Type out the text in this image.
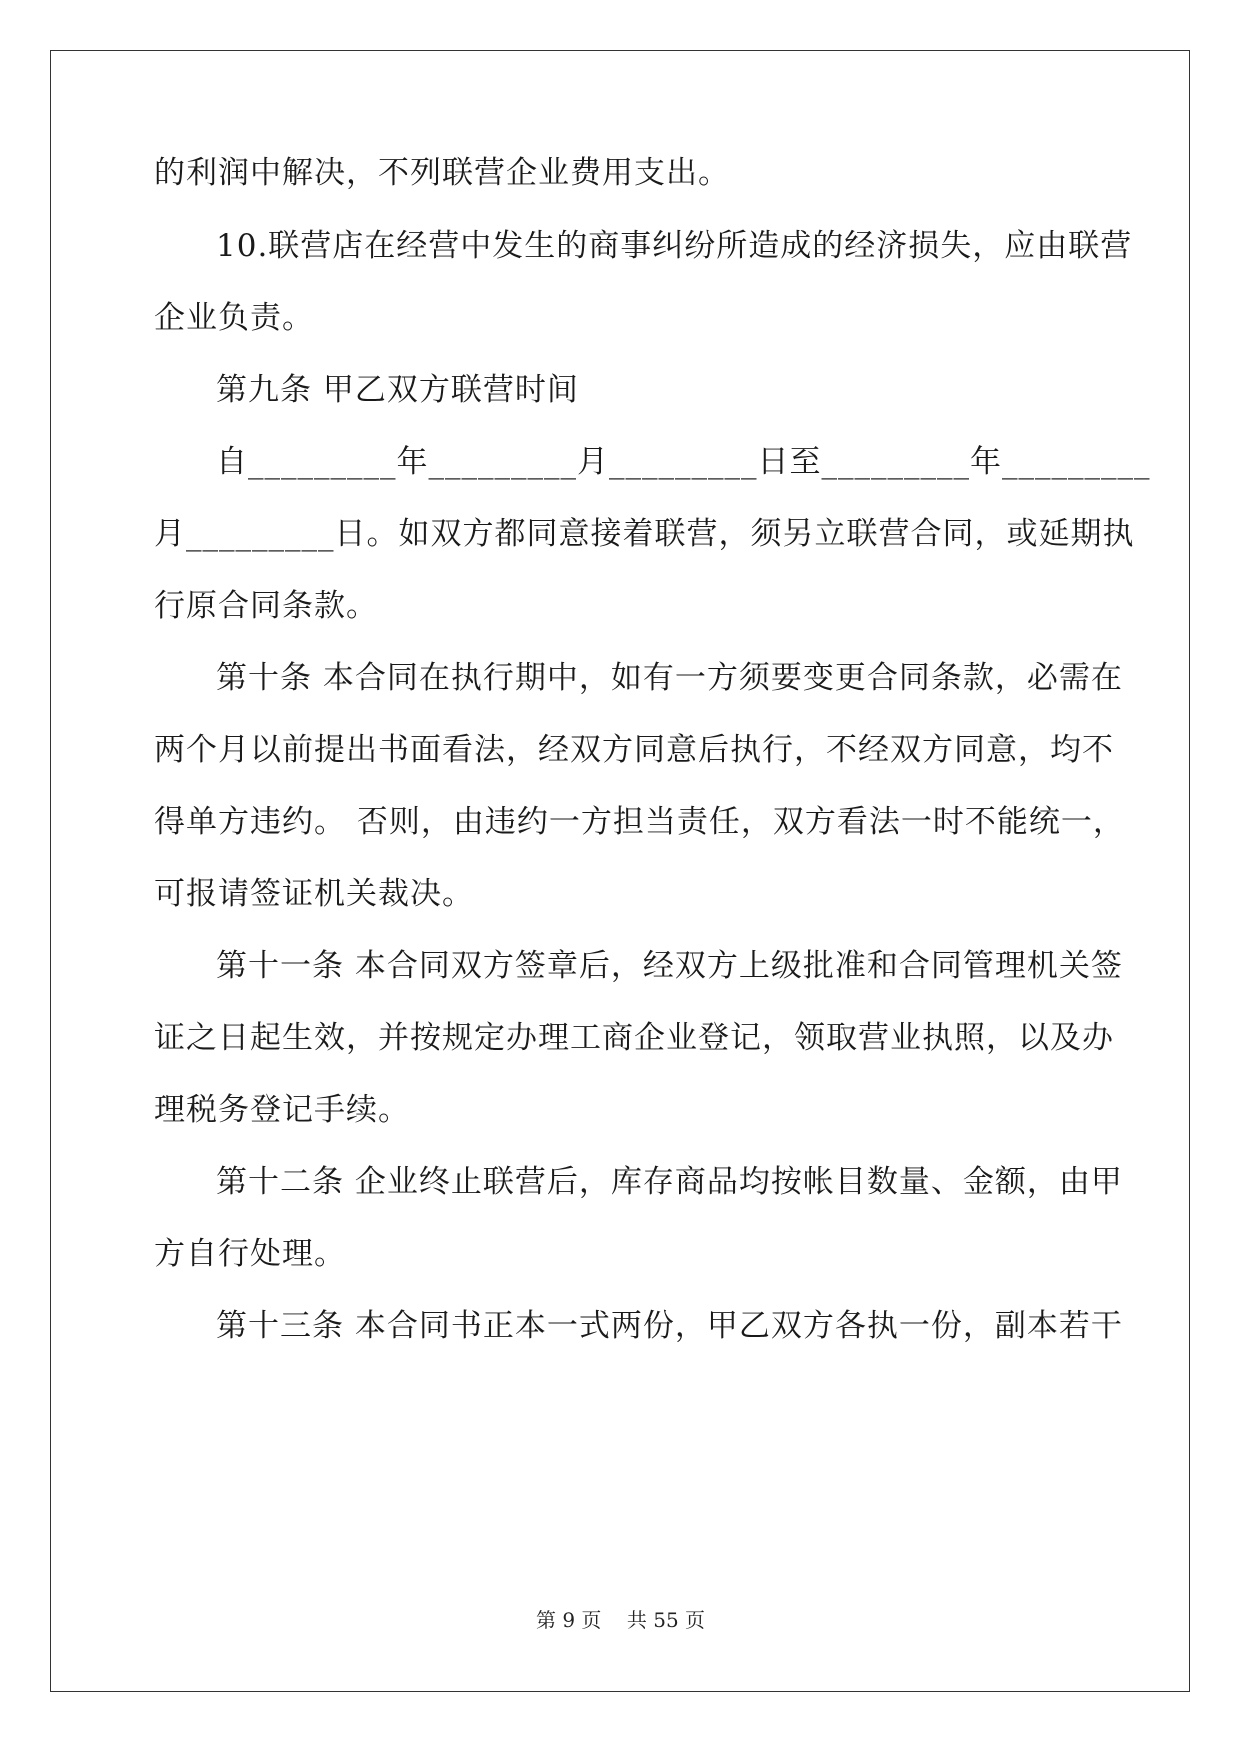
的利润中解决，不列联营企业费用支出。
10.联营店在经营中发生的商事纠纷所造成的经济损失，应由联营
企业负责。
第九条 甲乙双方联营时间
自_________年_________月_________日至_________年_________
月_________日。如双方都同意接着联营，须另立联营合同，或延期执
行原合同条款。
第十条 本合同在执行期中，如有一方须要变更合同条款，必需在
两个月以前提出书面看法，经双方同意后执行，不经双方同意，均不
得单方违约。 否则，由违约一方担当责任，双方看法一时不能统一，
可报请签证机关裁决。
第十一条 本合同双方签章后，经双方上级批准和合同管理机关签
证之日起生效，并按规定办理工商企业登记，领取营业执照，以及办
理税务登记手续。
第十二条 企业终止联营后，库存商品均按帐目数量、金额，由甲
方自行处理。
第十三条 本合同书正本一式两份，甲乙双方各执一份，副本若干
第 9 页 共 55 页
